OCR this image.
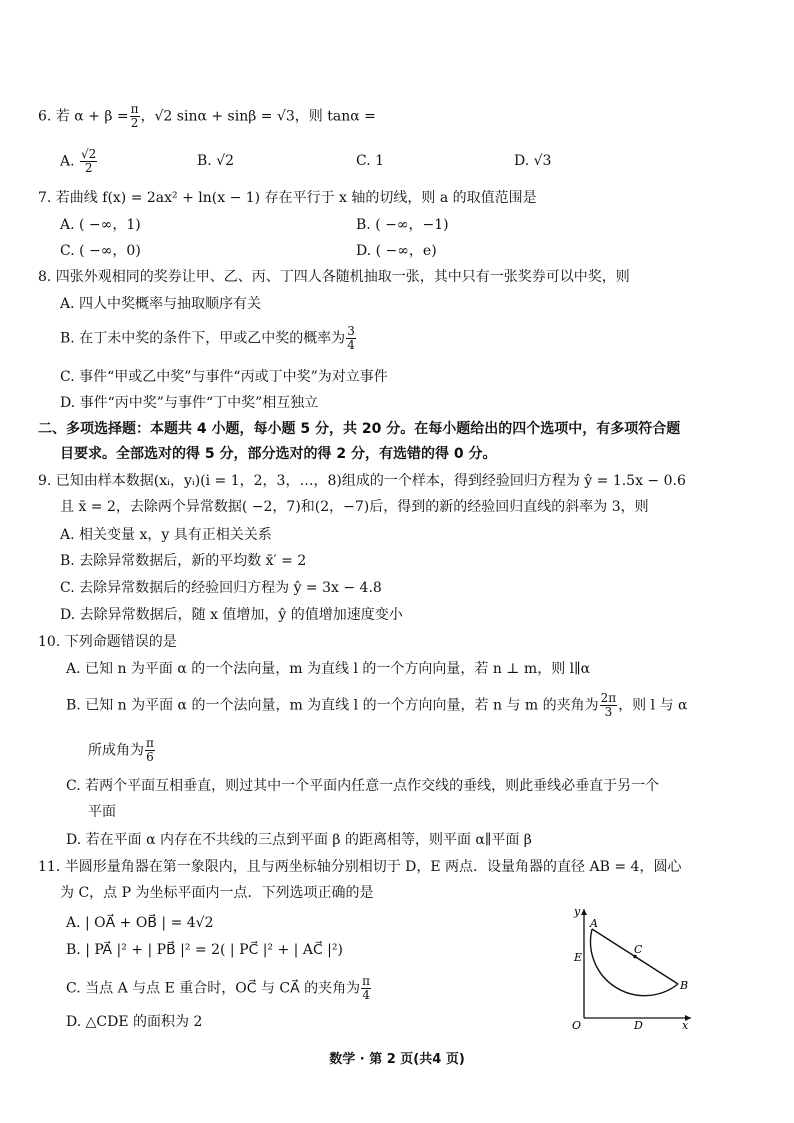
6. 若 $\alpha + \beta = \frac{\pi}{2}$ ，√2 sinα + sinβ = √3，则 tanα =
A. $\frac{√2}{2}$	B. √2	C. 1	D. √3
7. 若曲线 f(x) = 2ax² + ln(x − 1) 存在平行于 x 轴的切线，则 a 的取值范围是
A. ( −∞，1)	B. ( −∞，−1)
C. ( −∞，0)	D. ( −∞，e)
8. 四张外观相同的奖券让甲、乙、丙、丁四人各随机抽取一张，其中只有一张奖券可以中奖，则
A. 四人中奖概率与抽取顺序有关
B. 在丁未中奖的条件下，甲或乙中奖的概率为 $\frac{3}{4}$
C. 事件“甲或乙中奖”与事件“丙或丁中奖”为对立事件
D. 事件“丙中奖”与事件“丁中奖”相互独立
二、多项选择题：本题共 4 小题，每小题 5 分，共 20 分。在每小题给出的四个选项中，有多项符合题
目要求。全部选对的得 5 分，部分选对的得 2 分，有选错的得 0 分。
9. 已知由样本数据(xᵢ，yᵢ)(i = 1，2，3，…，8)组成的一个样本，得到经验回归方程为 ŷ = 1.5x − 0.6
且 x̄ = 2，去除两个异常数据( −2，7)和(2，−7)后，得到的新的经验回归直线的斜率为 3，则
A. 相关变量 x，y 具有正相关关系
B. 去除异常数据后，新的平均数 x̄′ = 2
C. 去除异常数据后的经验回归方程为 ŷ = 3x − 4.8
D. 去除异常数据后，随 x 值增加，ŷ 的值增加速度变小
10. 下列命题错误的是
A. 已知 n 为平面 α 的一个法向量，m 为直线 l 的一个方向向量，若 n ⊥ m，则 l∥α
B. 已知 n 为平面 α 的一个法向量，m 为直线 l 的一个方向向量，若 n 与 m 的夹角为 $\frac{2\pi}{3}$ ，则 l 与 α
所成角为 $\frac{\pi}{6}$
C. 若两个平面互相垂直，则过其中一个平面内任意一点作交线的垂线，则此垂线必垂直于另一个
平面
D. 若在平面 α 内存在不共线的三点到平面 β 的距离相等，则平面 α∥平面 β
11. 半圆形量角器在第一象限内，且与两坐标轴分别相切于 D，E 两点．设量角器的直径 AB = 4，圆心
为 C，点 P 为坐标平面内一点．下列选项正确的是
A. | OA⃗ + OB⃗ | = 4√2
B. | PA⃗ |² + | PB⃗ |² = 2( | PC⃗ |² + | AC⃗ |²)
C. 当点 A 与点 E 重合时，OC⃗ 与 CA⃗ 的夹角为 $\frac{\pi}{4}$
D. △CDE 的面积为 2
y
x
O
A
B
C
D
E
数学 · 第 2 页(共4 页)
